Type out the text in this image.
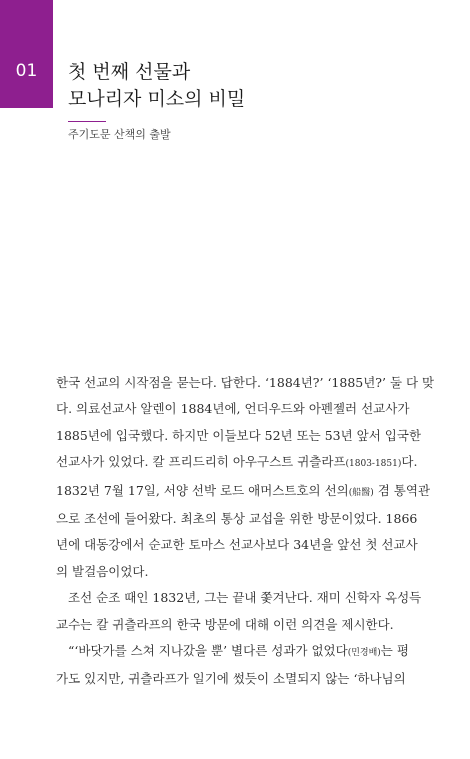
01	첫 번째 선물과
모나리자 미소의 비밀
주기도문 산책의 출발
한국 선교의 시작점을 묻는다. 답한다. ‘1884년?’ ‘1885년?’ 둘 다 맞
다. 의료선교사 알렌이 1884년에, 언더우드와 아펜젤러 선교사가
1885년에 입국했다. 하지만 이들보다 52년 또는 53년 앞서 입국한
선교사가 있었다. 칼 프리드리히 아우구스트 귀츨라프(1803-1851)다.
1832년 7월 17일, 서양 선박 로드 애머스트호의 선의(船醫) 겸 통역관
으로 조선에 들어왔다. 최초의 통상 교섭을 위한 방문이었다. 1866
년에 대동강에서 순교한 토마스 선교사보다 34년을 앞선 첫 선교사
의 발걸음이었다.
조선 순조 때인 1832년, 그는 끝내 쫓겨난다. 재미 신학자 옥성득
교수는 칼 귀츨라프의 한국 방문에 대해 이런 의견을 제시한다.
“‘바닷가를 스쳐 지나갔을 뿐’ 별다른 성과가 없었다(민경배)는 평
가도 있지만, 귀츨라프가 일기에 썼듯이 소멸되지 않는 ‘하나님의
